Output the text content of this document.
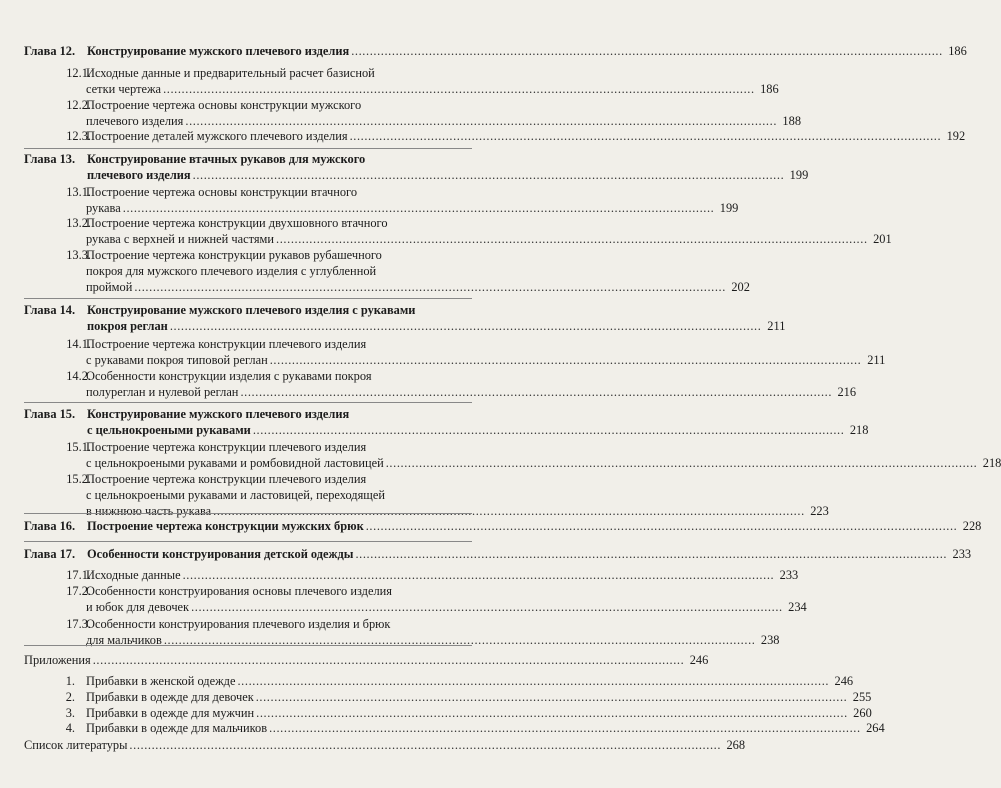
Конструирование мужского плечевого изделия ................................................................................................................................................................ 186
Глава 12.
Исходные данные и предварительный расчет базисной
12.1.
сетки чертежа ................................................................................................................................................................ 186
Построение чертежа основы конструкции мужского
12.2.
плечевого изделия ................................................................................................................................................................ 188
Построение деталей мужского плечевого изделия ................................................................................................................................................................ 192
12.3.
Конструирование втачных рукавов для мужского
Глава 13.
плечевого изделия ................................................................................................................................................................ 199
Построение чертежа основы конструкции втачного
13.1.
рукава ................................................................................................................................................................ 199
Построение чертежа конструкции двухшовного втачного
13.2.
рукава с верхней и нижней частями ................................................................................................................................................................ 201
Построение чертежа конструкции рукавов рубашечного
13.3.
покроя для мужского плечевого изделия с углубленной
проймой ................................................................................................................................................................ 202
Конструирование мужского плечевого изделия с рукавами
Глава 14.
покроя реглан ................................................................................................................................................................ 211
Построение чертежа конструкции плечевого изделия
14.1.
с рукавами покроя типовой реглан ................................................................................................................................................................ 211
Особенности конструкции изделия с рукавами покроя
14.2.
полуреглан и нулевой реглан ................................................................................................................................................................ 216
Конструирование мужского плечевого изделия
Глава 15.
с цельнокроеными рукавами ................................................................................................................................................................ 218
Построение чертежа конструкции плечевого изделия
15.1.
с цельнокроеными рукавами и ромбовидной ластовицей ................................................................................................................................................................ 218
Построение чертежа конструкции плечевого изделия
15.2.
с цельнокроеными рукавами и ластовицей, переходящей
в нижнюю часть рукава ................................................................................................................................................................ 223
Построение чертежа конструкции мужских брюк ................................................................................................................................................................ 228
Глава 16.
Особенности конструирования детской одежды ................................................................................................................................................................ 233
Глава 17.
Исходные данные ................................................................................................................................................................ 233
17.1.
Особенности конструирования основы плечевого изделия
17.2.
и юбок для девочек ................................................................................................................................................................ 234
Особенности конструирования плечевого изделия и брюк
17.3.
для мальчиков ................................................................................................................................................................ 238
Приложения ................................................................................................................................................................ 246
Прибавки в женской одежде ................................................................................................................................................................ 246
1.
Прибавки в одежде для девочек ................................................................................................................................................................ 255
2.
Прибавки в одежде для мужчин ................................................................................................................................................................ 260
3.
Прибавки в одежде для мальчиков ................................................................................................................................................................ 264
4.
Список литературы ................................................................................................................................................................ 268
